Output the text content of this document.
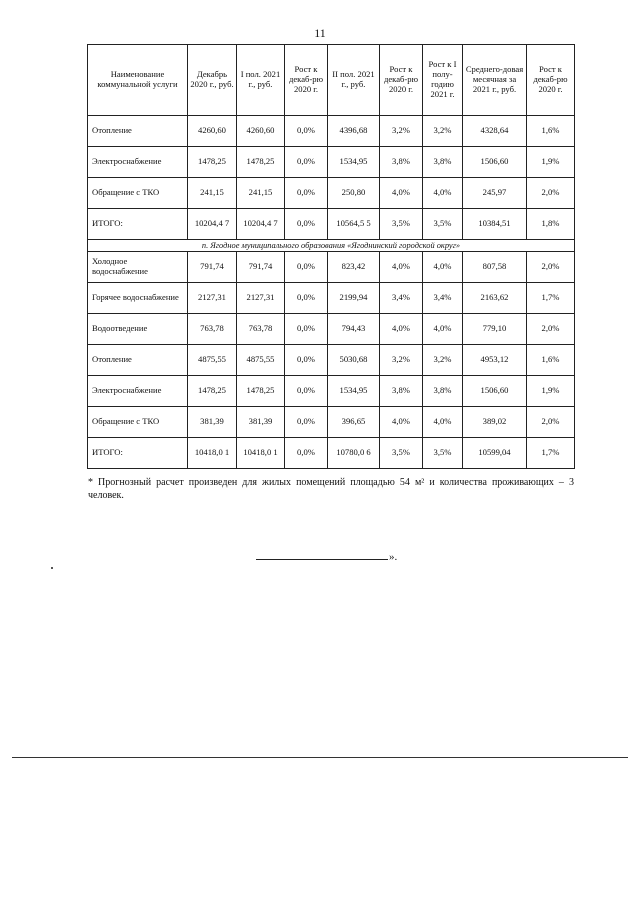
11
Наименование коммунальной услуги	Декабрь 2020 г., руб.	I пол. 2021 г., руб.	Рост к декаб-рю 2020 г.	II пол. 2021 г., руб.	Рост к декаб-рю 2020 г.	Рост к I полу-годию 2021 г.	Среднего-довая месячная за 2021 г., руб.	Рост к декаб-рю 2020 г.
Отопление	4260,60	4260,60	0,0%	4396,68	3,2%	3,2%	4328,64	1,6%
Электроснабжение	1478,25	1478,25	0,0%	1534,95	3,8%	3,8%	1506,60	1,9%
Обращение с ТКО	241,15	241,15	0,0%	250,80	4,0%	4,0%	245,97	2,0%
ИТОГО:	10204,4 7	10204,4 7	0,0%	10564,5 5	3,5%	3,5%	10384,51	1,8%
п. Ягодное муниципального образования «Ягоднинский городской округ»								
Холодное водоснабжение	791,74	791,74	0,0%	823,42	4,0%	4,0%	807,58	2,0%
Горячее водоснабжение	2127,31	2127,31	0,0%	2199,94	3,4%	3,4%	2163,62	1,7%
Водоотведение	763,78	763,78	0,0%	794,43	4,0%	4,0%	779,10	2,0%
Отопление	4875,55	4875,55	0,0%	5030,68	3,2%	3,2%	4953,12	1,6%
Электроснабжение	1478,25	1478,25	0,0%	1534,95	3,8%	3,8%	1506,60	1,9%
Обращение с ТКО	381,39	381,39	0,0%	396,65	4,0%	4,0%	389,02	2,0%
ИТОГО:	10418,0 1	10418,0 1	0,0%	10780,0 6	3,5%	3,5%	10599,04	1,7%
* Прогнозный расчет произведен для жилых помещений площадью 54 м² и количества проживающих – 3 человек.
».
